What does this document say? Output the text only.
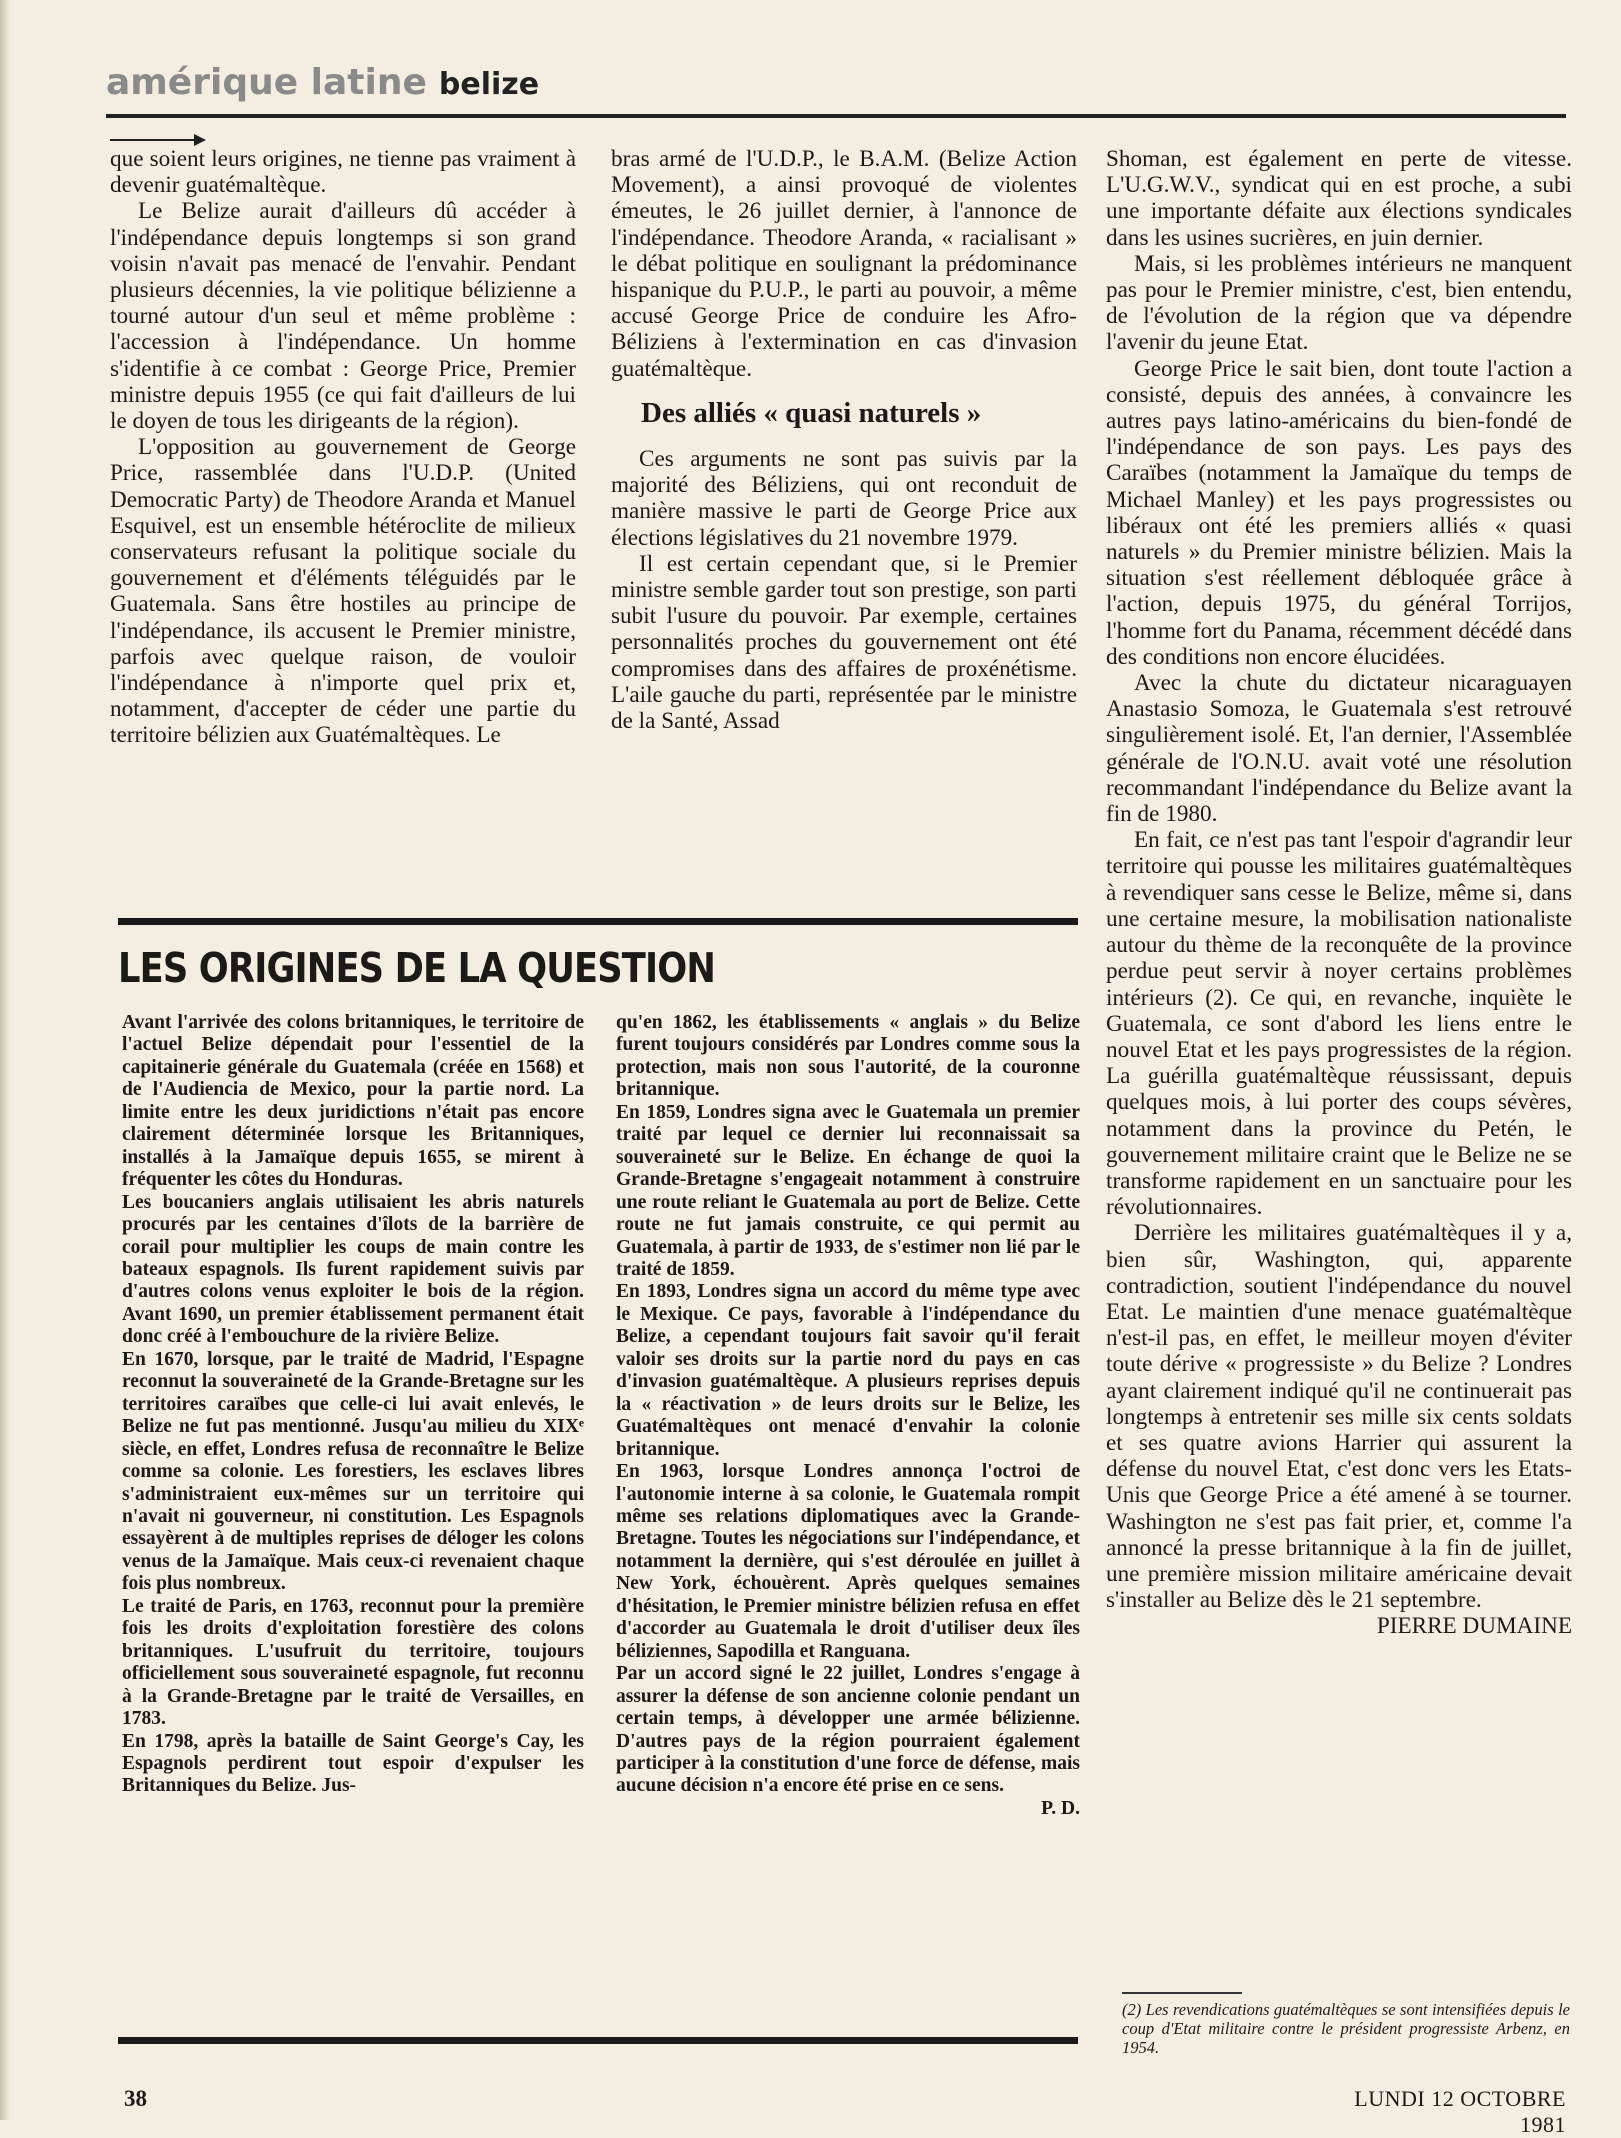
amérique latine belize

que soient leurs origines, ne tienne pas vraiment à devenir guatémaltèque.

Le Belize aurait d'ailleurs dû accéder à l'indépendance depuis longtemps si son grand voisin n'avait pas menacé de l'envahir. Pendant plusieurs décennies, la vie politique bélizienne a tourné autour d'un seul et même problème : l'accession à l'indépendance. Un homme s'identifie à ce combat : George Price, Premier ministre depuis 1955 (ce qui fait d'ailleurs de lui le doyen de tous les dirigeants de la région).

L'opposition au gouvernement de George Price, rassemblée dans l'U.D.P. (United Democratic Party) de Theodore Aranda et Manuel Esquivel, est un ensemble hétéroclite de milieux conservateurs refusant la politique sociale du gouvernement et d'éléments téléguidés par le Guatemala. Sans être hostiles au principe de l'indépendance, ils accusent le Premier ministre, parfois avec quelque raison, de vouloir l'indépendance à n'importe quel prix et, notamment, d'accepter de céder une partie du territoire bélizien aux Guatémaltèques. Le

bras armé de l'U.D.P., le B.A.M. (Belize Action Movement), a ainsi provoqué de violentes émeutes, le 26 juillet dernier, à l'annonce de l'indépendance. Theodore Aranda, « racialisant » le débat politique en soulignant la prédominance hispanique du P.U.P., le parti au pouvoir, a même accusé George Price de conduire les Afro-Béliziens à l'extermination en cas d'invasion guatémaltèque.

Des alliés « quasi naturels »

Ces arguments ne sont pas suivis par la majorité des Béliziens, qui ont reconduit de manière massive le parti de George Price aux élections législatives du 21 novembre 1979.

Il est certain cependant que, si le Premier ministre semble garder tout son prestige, son parti subit l'usure du pouvoir. Par exemple, certaines personnalités proches du gouvernement ont été compromises dans des affaires de proxénétisme. L'aile gauche du parti, représentée par le ministre de la Santé, Assad

Shoman, est également en perte de vitesse. L'U.G.W.V., syndicat qui en est proche, a subi une importante défaite aux élections syndicales dans les usines sucrières, en juin dernier.

Mais, si les problèmes intérieurs ne manquent pas pour le Premier ministre, c'est, bien entendu, de l'évolution de la région que va dépendre l'avenir du jeune Etat.

George Price le sait bien, dont toute l'action a consisté, depuis des années, à convaincre les autres pays latino-américains du bien-fondé de l'indépendance de son pays. Les pays des Caraïbes (notamment la Jamaïque du temps de Michael Manley) et les pays progressistes ou libéraux ont été les premiers alliés « quasi naturels » du Premier ministre bélizien. Mais la situation s'est réellement débloquée grâce à l'action, depuis 1975, du général Torrijos, l'homme fort du Panama, récemment décédé dans des conditions non encore élucidées.

Avec la chute du dictateur nicaraguayen Anastasio Somoza, le Guatemala s'est retrouvé singulièrement isolé. Et, l'an dernier, l'Assemblée générale de l'O.N.U. avait voté une résolution recommandant l'indépendance du Belize avant la fin de 1980.

En fait, ce n'est pas tant l'espoir d'agrandir leur territoire qui pousse les militaires guatémaltèques à revendiquer sans cesse le Belize, même si, dans une certaine mesure, la mobilisation nationaliste autour du thème de la reconquête de la province perdue peut servir à noyer certains problèmes intérieurs (2). Ce qui, en revanche, inquiète le Guatemala, ce sont d'abord les liens entre le nouvel Etat et les pays progressistes de la région. La guérilla guatémaltèque réussissant, depuis quelques mois, à lui porter des coups sévères, notamment dans la province du Petén, le gouvernement militaire craint que le Belize ne se transforme rapidement en un sanctuaire pour les révolutionnaires.

Derrière les militaires guatémaltèques il y a, bien sûr, Washington, qui, apparente contradiction, soutient l'indépendance du nouvel Etat. Le maintien d'une menace guatémaltèque n'est-il pas, en effet, le meilleur moyen d'éviter toute dérive « progressiste » du Belize ? Londres ayant clairement indiqué qu'il ne continuerait pas longtemps à entretenir ses mille six cents soldats et ses quatre avions Harrier qui assurent la défense du nouvel Etat, c'est donc vers les Etats-Unis que George Price a été amené à se tourner. Washington ne s'est pas fait prier, et, comme l'a annoncé la presse britannique à la fin de juillet, une première mission militaire américaine devait s'installer au Belize dès le 21 septembre.

PIERRE DUMAINE
LES ORIGINES DE LA QUESTION

Avant l'arrivée des colons britanniques, le territoire de l'actuel Belize dépendait pour l'essentiel de la capitainerie générale du Guatemala (créée en 1568) et de l'Audiencia de Mexico, pour la partie nord. La limite entre les deux juridictions n'était pas encore clairement déterminée lorsque les Britanniques, installés à la Jamaïque depuis 1655, se mirent à fréquenter les côtes du Honduras.

Les boucaniers anglais utilisaient les abris naturels procurés par les centaines d'îlots de la barrière de corail pour multiplier les coups de main contre les bateaux espagnols. Ils furent rapidement suivis par d'autres colons venus exploiter le bois de la région. Avant 1690, un premier établissement permanent était donc créé à l'embouchure de la rivière Belize.

En 1670, lorsque, par le traité de Madrid, l'Espagne reconnut la souveraineté de la Grande-Bretagne sur les territoires caraïbes que celle-ci lui avait enlevés, le Belize ne fut pas mentionné. Jusqu'au milieu du XIXᵉ siècle, en effet, Londres refusa de reconnaître le Belize comme sa colonie. Les forestiers, les esclaves libres s'administraient eux-mêmes sur un territoire qui n'avait ni gouverneur, ni constitution. Les Espagnols essayèrent à de multiples reprises de déloger les colons venus de la Jamaïque. Mais ceux-ci revenaient chaque fois plus nombreux.

Le traité de Paris, en 1763, reconnut pour la première fois les droits d'exploitation forestière des colons britanniques. L'usufruit du territoire, toujours officiellement sous souveraineté espagnole, fut reconnu à la Grande-Bretagne par le traité de Versailles, en 1783.

En 1798, après la bataille de Saint George's Cay, les Espagnols perdirent tout espoir d'expulser les Britanniques du Belize. Jus-

qu'en 1862, les établissements « anglais » du Belize furent toujours considérés par Londres comme sous la protection, mais non sous l'autorité, de la couronne britannique.

En 1859, Londres signa avec le Guatemala un premier traité par lequel ce dernier lui reconnaissait sa souveraineté sur le Belize. En échange de quoi la Grande-Bretagne s'engageait notamment à construire une route reliant le Guatemala au port de Belize. Cette route ne fut jamais construite, ce qui permit au Guatemala, à partir de 1933, de s'estimer non lié par le traité de 1859.

En 1893, Londres signa un accord du même type avec le Mexique. Ce pays, favorable à l'indépendance du Belize, a cependant toujours fait savoir qu'il ferait valoir ses droits sur la partie nord du pays en cas d'invasion guatémaltèque. A plusieurs reprises depuis la « réactivation » de leurs droits sur le Belize, les Guatémaltèques ont menacé d'envahir la colonie britannique.

En 1963, lorsque Londres annonça l'octroi de l'autonomie interne à sa colonie, le Guatemala rompit même ses relations diplomatiques avec la Grande-Bretagne. Toutes les négociations sur l'indépendance, et notamment la dernière, qui s'est déroulée en juillet à New York, échouèrent. Après quelques semaines d'hésitation, le Premier ministre bélizien refusa en effet d'accorder au Guatemala le droit d'utiliser deux îles béliziennes, Sapodilla et Ranguana.

Par un accord signé le 22 juillet, Londres s'engage à assurer la défense de son ancienne colonie pendant un certain temps, à développer une armée bélizienne. D'autres pays de la région pourraient également participer à la constitution d'une force de défense, mais aucune décision n'a encore été prise en ce sens.

P. D.
(2) Les revendications guatémaltèques se sont intensifiées depuis le coup d'Etat militaire contre le président progressiste Arbenz, en 1954.
38	LUNDI 12 OCTOBRE 1981
